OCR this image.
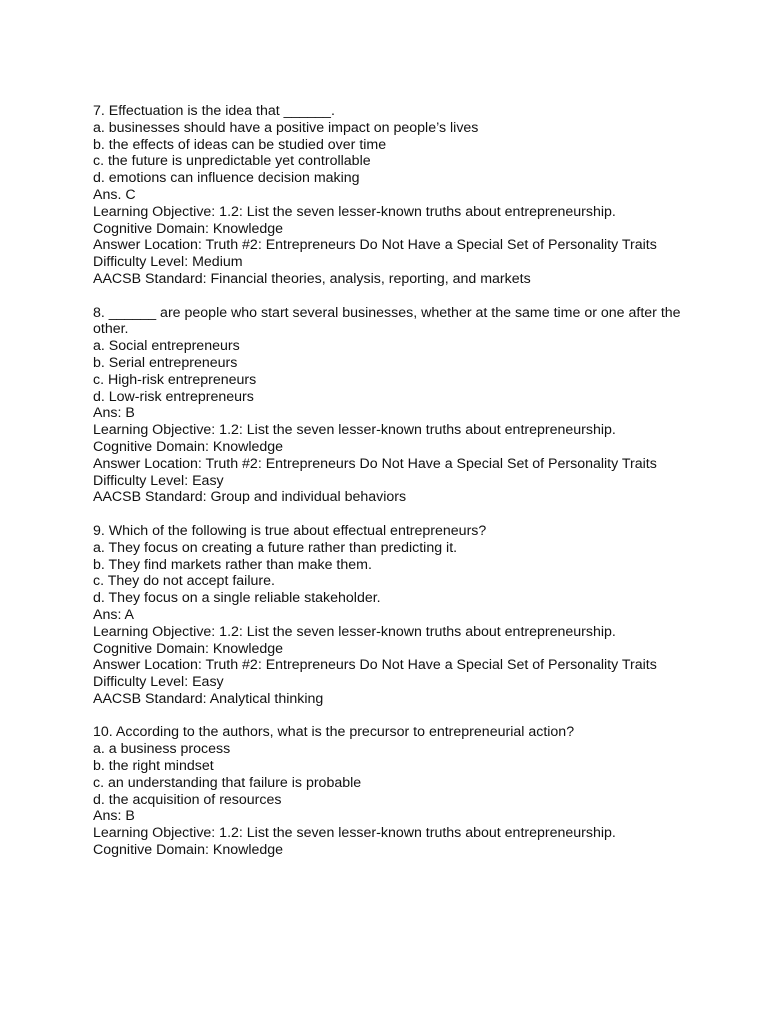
7. Effectuation is the idea that ______.
a. businesses should have a positive impact on people’s lives
b. the effects of ideas can be studied over time
c. the future is unpredictable yet controllable
d. emotions can influence decision making
Ans. C
Learning Objective: 1.2: List the seven lesser-known truths about entrepreneurship.
Cognitive Domain: Knowledge
Answer Location: Truth #2: Entrepreneurs Do Not Have a Special Set of Personality Traits
Difficulty Level: Medium
AACSB Standard: Financial theories, analysis, reporting, and markets
8. ______ are people who start several businesses, whether at the same time or one after the other.
a. Social entrepreneurs
b. Serial entrepreneurs
c. High-risk entrepreneurs
d. Low-risk entrepreneurs
Ans: B
Learning Objective: 1.2: List the seven lesser-known truths about entrepreneurship.
Cognitive Domain: Knowledge
Answer Location: Truth #2: Entrepreneurs Do Not Have a Special Set of Personality Traits
Difficulty Level: Easy
AACSB Standard: Group and individual behaviors
9. Which of the following is true about effectual entrepreneurs?
a. They focus on creating a future rather than predicting it.
b. They find markets rather than make them.
c. They do not accept failure.
d. They focus on a single reliable stakeholder.
Ans: A
Learning Objective: 1.2: List the seven lesser-known truths about entrepreneurship.
Cognitive Domain: Knowledge
Answer Location: Truth #2: Entrepreneurs Do Not Have a Special Set of Personality Traits
Difficulty Level: Easy
AACSB Standard: Analytical thinking
10. According to the authors, what is the precursor to entrepreneurial action?
a. a business process
b. the right mindset
c. an understanding that failure is probable
d. the acquisition of resources
Ans: B
Learning Objective: 1.2: List the seven lesser-known truths about entrepreneurship.
Cognitive Domain: Knowledge
